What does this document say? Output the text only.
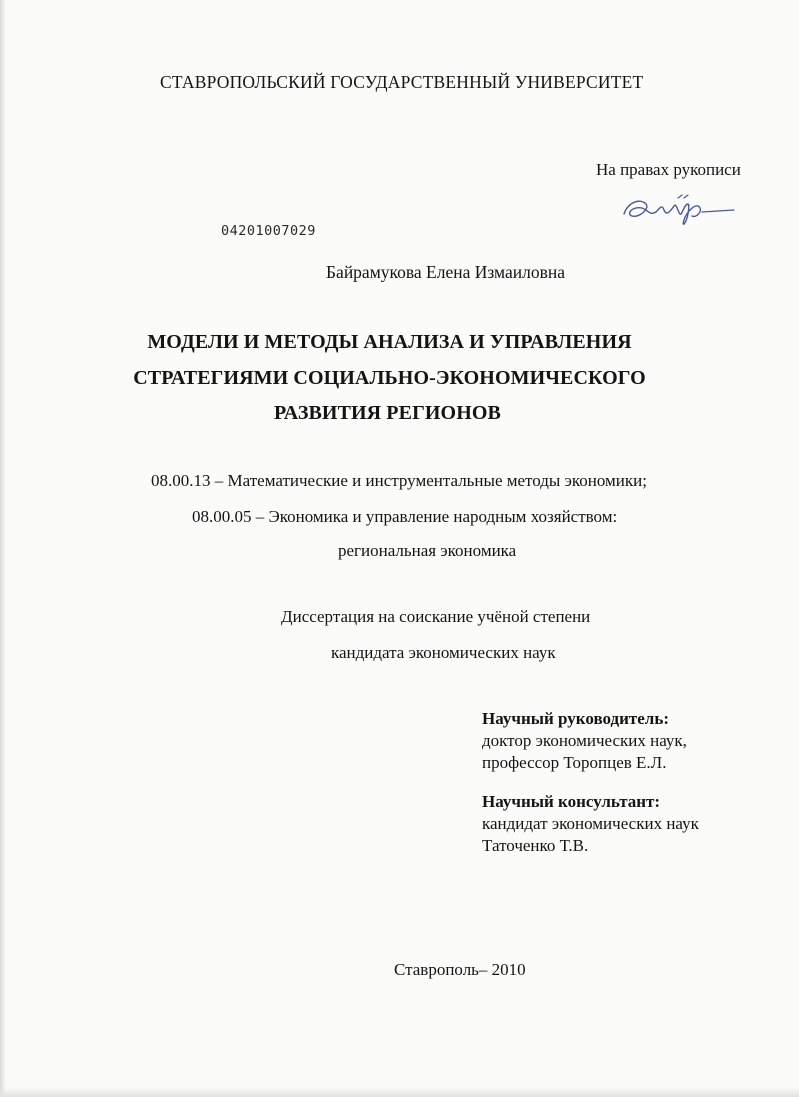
СТАВРОПОЛЬСКИЙ ГОСУДАРСТВЕННЫЙ УНИВЕРСИТЕТ
На правах рукописи
04201007029
Байрамукова Елена Измаиловна
МОДЕЛИ И МЕТОДЫ АНАЛИЗА И УПРАВЛЕНИЯ
СТРАТЕГИЯМИ СОЦИАЛЬНО-ЭКОНОМИЧЕСКОГО
РАЗВИТИЯ РЕГИОНОВ
08.00.13 – Математические и инструментальные методы экономики;
08.00.05 – Экономика и управление народным хозяйством:
региональная экономика
Диссертация на соискание учёной степени
кандидата экономических наук
Научный руководитель:
доктор экономических наук,
профессор Торопцев Е.Л.
Научный консультант:
кандидат экономических наук
Таточенко Т.В.
Ставрополь– 2010
